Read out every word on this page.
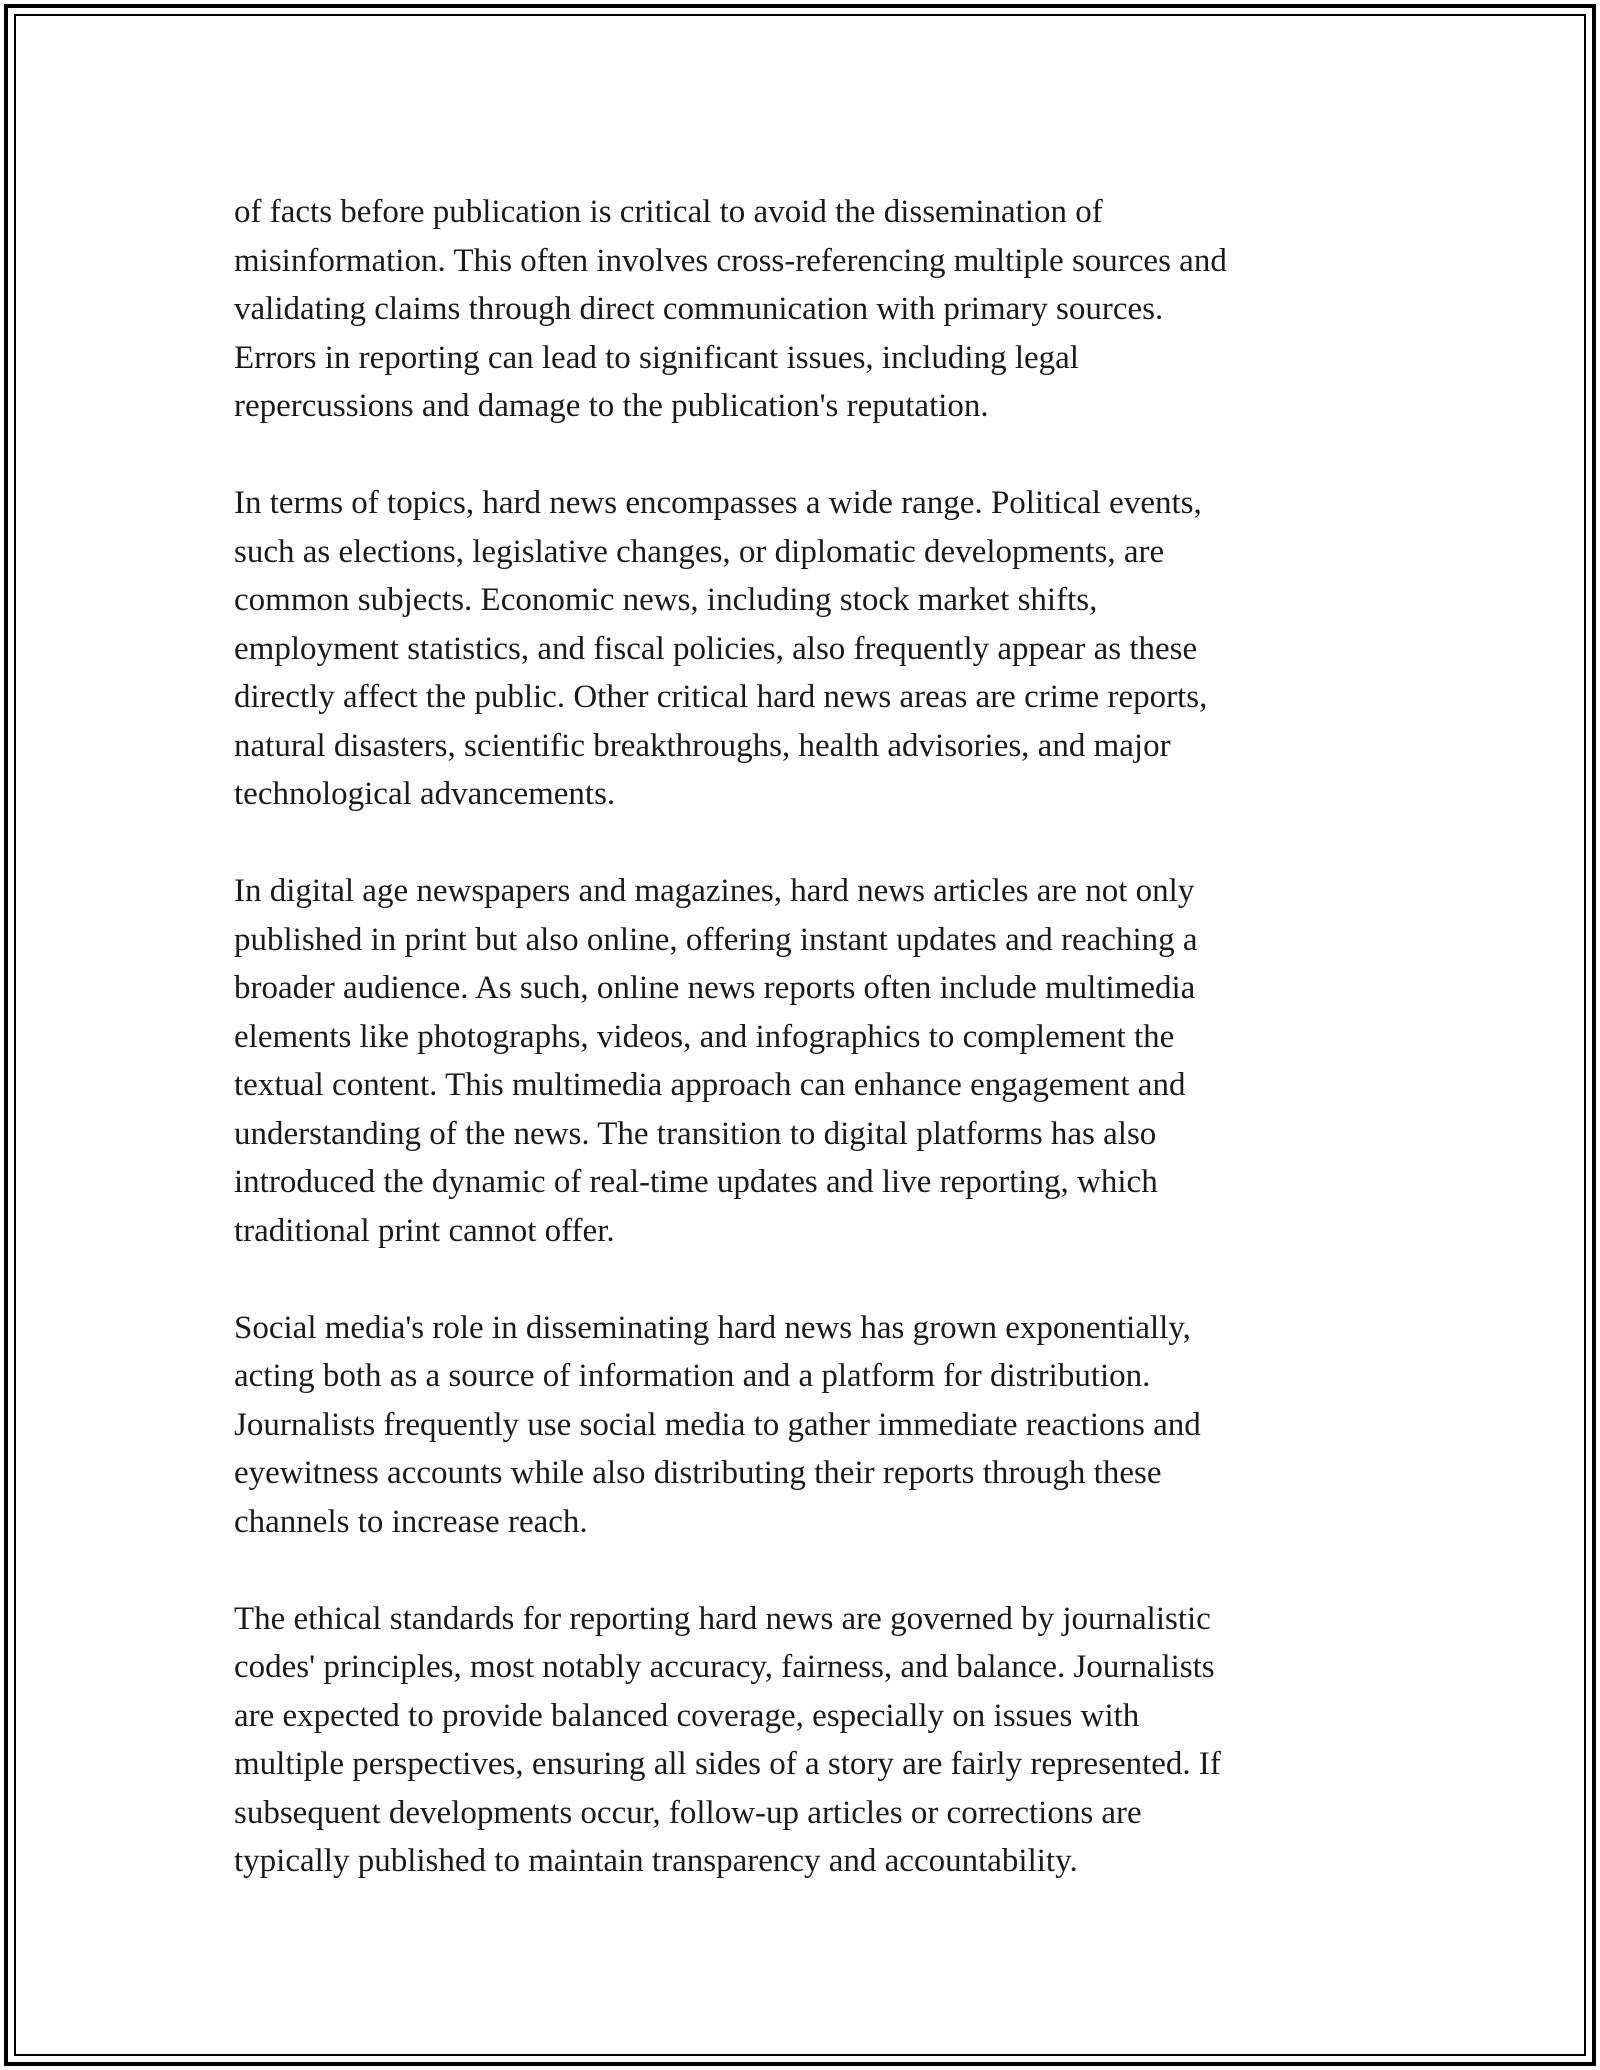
of facts before publication is critical to avoid the dissemination of
misinformation. This often involves cross-referencing multiple sources and
validating claims through direct communication with primary sources.
Errors in reporting can lead to significant issues, including legal
repercussions and damage to the publication's reputation.

In terms of topics, hard news encompasses a wide range. Political events,
such as elections, legislative changes, or diplomatic developments, are
common subjects. Economic news, including stock market shifts,
employment statistics, and fiscal policies, also frequently appear as these
directly affect the public. Other critical hard news areas are crime reports,
natural disasters, scientific breakthroughs, health advisories, and major
technological advancements.

In digital age newspapers and magazines, hard news articles are not only
published in print but also online, offering instant updates and reaching a
broader audience. As such, online news reports often include multimedia
elements like photographs, videos, and infographics to complement the
textual content. This multimedia approach can enhance engagement and
understanding of the news. The transition to digital platforms has also
introduced the dynamic of real-time updates and live reporting, which
traditional print cannot offer.

Social media's role in disseminating hard news has grown exponentially,
acting both as a source of information and a platform for distribution.
Journalists frequently use social media to gather immediate reactions and
eyewitness accounts while also distributing their reports through these
channels to increase reach.

The ethical standards for reporting hard news are governed by journalistic
codes' principles, most notably accuracy, fairness, and balance. Journalists
are expected to provide balanced coverage, especially on issues with
multiple perspectives, ensuring all sides of a story are fairly represented. If
subsequent developments occur, follow-up articles or corrections are
typically published to maintain transparency and accountability.
